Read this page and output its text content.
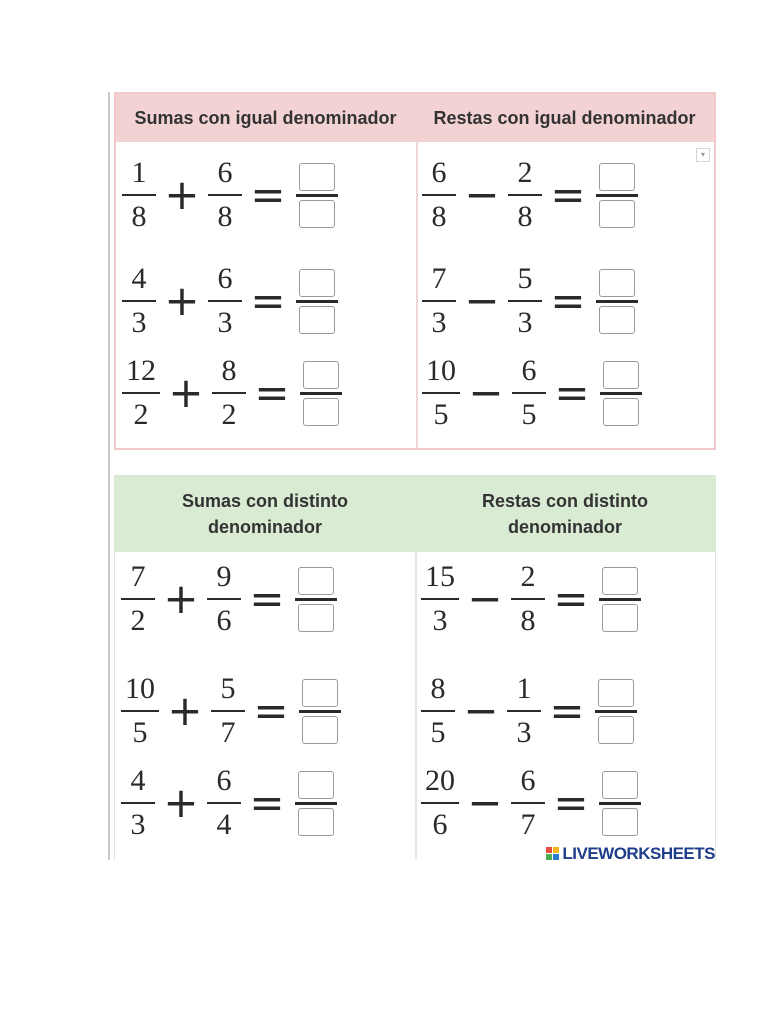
Sumas con igual denominador	Restas con igual denominador
▾
$\frac{1}{8} + \frac{6}{8}$ =
$\frac{4}{3} + \frac{6}{3}$ =
$\frac{12}{2} + \frac{8}{2}$ =
$\frac{6}{8} - \frac{2}{8}$ =
$\frac{7}{3} - \frac{5}{3}$ =
$\frac{10}{5} - \frac{6}{5}$ =
Sumas con distinto denominador
Restas con distinto denominador
$\frac{7}{2} + \frac{9}{6}$ =
$\frac{10}{5} + \frac{5}{7}$ =
$\frac{4}{3} + \frac{6}{4}$ =
$\frac{15}{3} - \frac{2}{8}$ =
$\frac{8}{5} - \frac{1}{3}$ =
$\frac{20}{6} - \frac{6}{7}$ =
LIVEWORKSHEETS
